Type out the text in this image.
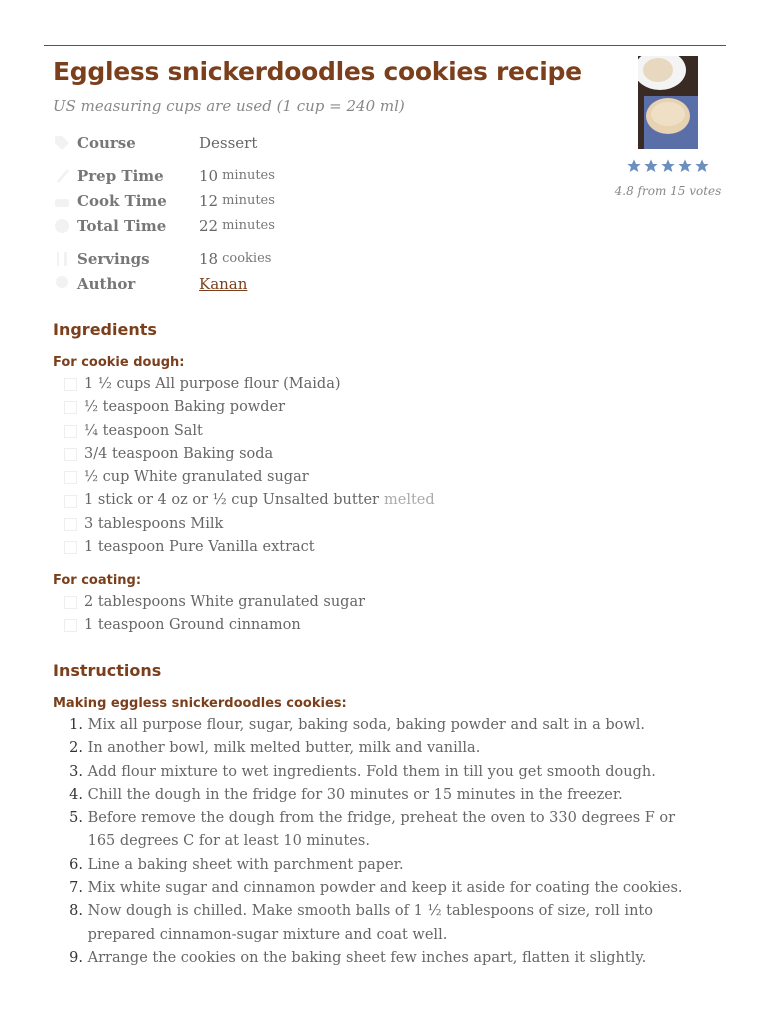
Eggless snickerdoodles cookies recipe
US measuring cups are used (1 cup = 240 ml)
Course	Dessert
Prep Time	10 minutes
Cook Time	12 minutes
Total Time	22 minutes
Servings	18 cookies
Author	Kanan
4.8 from 15 votes
Ingredients
For cookie dough:
1 ½ cups All purpose flour (Maida)
½ teaspoon Baking powder
¼ teaspoon Salt
3/4 teaspoon Baking soda
½ cup White granulated sugar
1 stick or 4 oz or ½ cup Unsalted butter melted
3 tablespoons Milk
1 teaspoon Pure Vanilla extract
For coating:
2 tablespoons White granulated sugar
1 teaspoon Ground cinnamon
Instructions
Making eggless snickerdoodles cookies:
1.
Mix all purpose flour, sugar, baking soda, baking powder and salt in a bowl.
2.
In another bowl, milk melted butter, milk and vanilla.
3.
Add flour mixture to wet ingredients. Fold them in till you get smooth dough.
4.
Chill the dough in the fridge for 30 minutes or 15 minutes in the freezer.
5.
Before remove the dough from the fridge, preheat the oven to 330 degrees F or 165 degrees C for at least 10 minutes.
6.
Line a baking sheet with parchment paper.
7.
Mix white sugar and cinnamon powder and keep it aside for coating the cookies.
8.
Now dough is chilled. Make smooth balls of 1 ½ tablespoons of size, roll into prepared cinnamon-sugar mixture and coat well.
9.
Arrange the cookies on the baking sheet few inches apart, flatten it slightly.
